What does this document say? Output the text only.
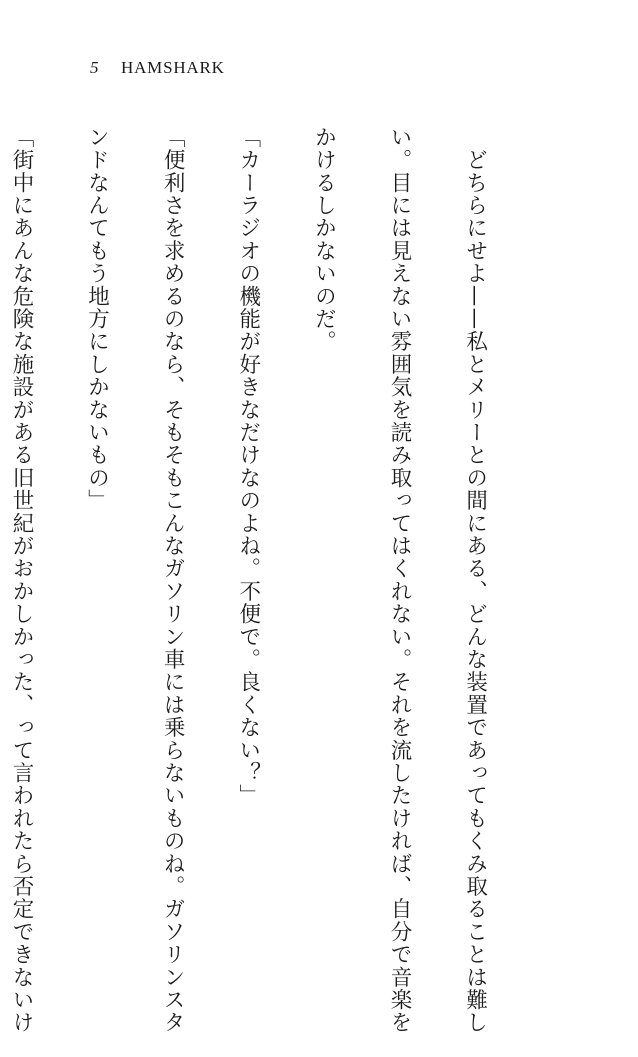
5 HAMSHARK

　どちらにせよ——私とメリーとの間にある、どんな装置であってもくみ取ることは難し

い。目には見えない雰囲気を読み取ってはくれない。それを流したければ、自分で音楽を

かけるしかないのだ。

「カーラジオの機能が好きなだけなのよね。不便で。良くない？」

「便利さを求めるのなら、そもそもこんなガソリン車には乗らないものね。ガソリンスタ

ンドなんてもう地方にしかないもの」

「街中にあんな危険な施設がある旧世紀がおかしかった、って言われたら否定できないけ
